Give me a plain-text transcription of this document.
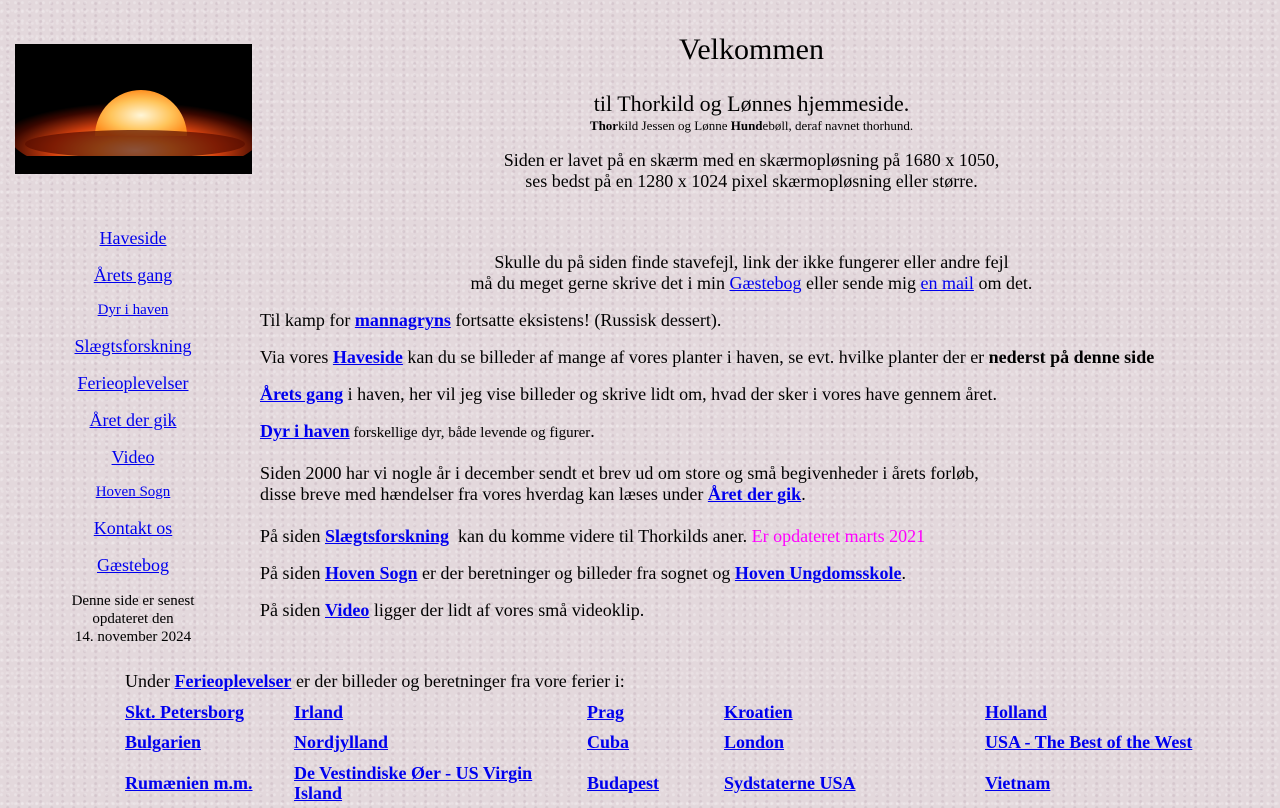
Haveside
Årets gang
Dyr i haven
Slægtsforskning
Ferieoplevelser
Året der gik
Video
Hoven Sogn
Kontakt os
Gæstebog
Denne side er senest
opdateret den
14. november 2024
Velkommen
til Thorkild og Lønnes hjemmeside.
Thorkild Jessen og Lønne Hundebøll, deraf navnet thorhund.
Siden er lavet på en skærm med en skærmopløsning på 1680 x 1050,
ses bedst på en 1280 x 1024 pixel skærmopløsning eller større.
Skulle du på siden finde stavefejl, link der ikke fungerer eller andre fejl
må du meget gerne skrive det i min Gæstebog eller sende mig en mail om det.
Til kamp for mannagryns fortsatte eksistens! (Russisk dessert).
Via vores Haveside kan du se billeder af mange af vores planter i haven, se evt. hvilke planter der er nederst på denne side
Årets gang i haven, her vil jeg vise billeder og skrive lidt om, hvad der sker i vores have gennem året.
Dyr i haven forskellige dyr, både levende og figurer.
Siden 2000 har vi nogle år i december sendt et brev ud om store og små begivenheder i årets forløb,
disse breve med hændelser fra vores hverdag kan læses under Året der gik.
På siden Slægtsforskning  kan du komme videre til Thorkilds aner. Er opdateret marts 2021
På siden Hoven Sogn er der beretninger og billeder fra sognet og Hoven Ungdomsskole.
På siden Video ligger der lidt af vores små videoklip.
Under Ferieoplevelser er der billeder og beretninger fra vore ferier i:
Skt. Petersborg	Irland	Prag	Kroatien	Holland
Bulgarien	Nordjylland	Cuba	London	USA - The Best of the West
Rumænien m.m.	De Vestindiske Øer - US Virgin Island	Budapest	Sydstaterne USA	Vietnam
